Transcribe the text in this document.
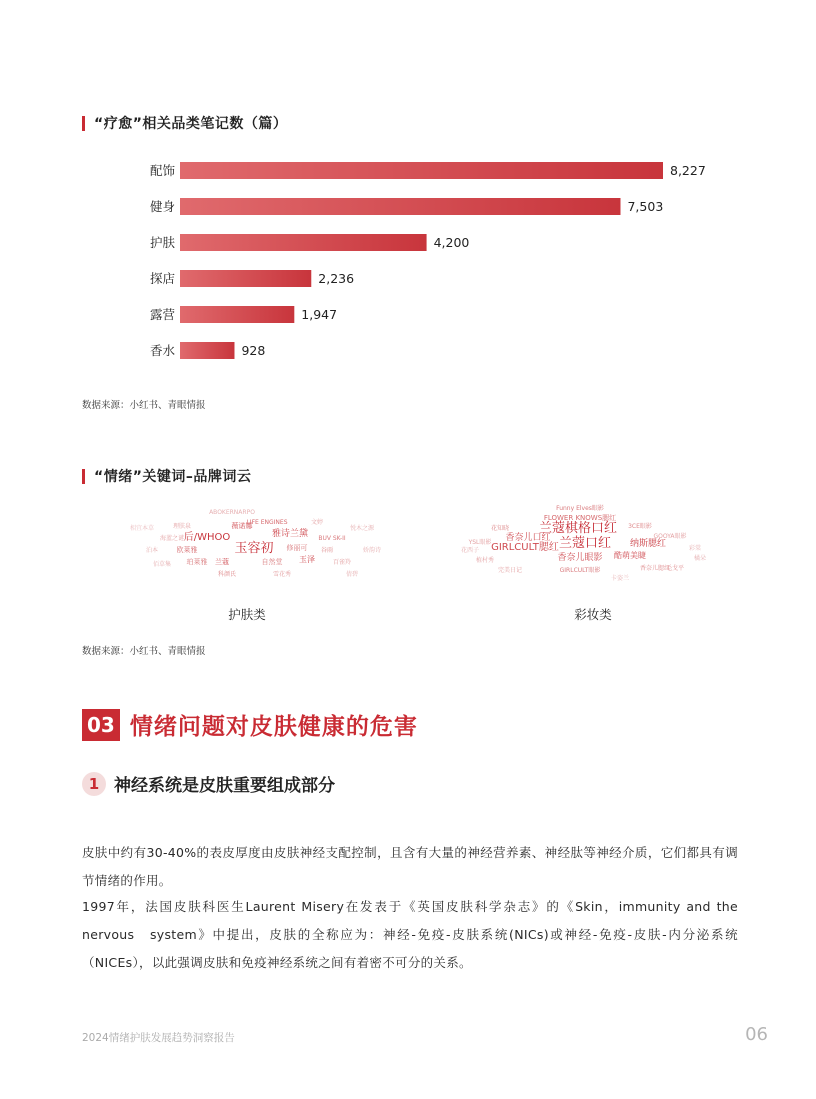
“疗愈”相关品类笔记数（篇）
配饰	8,227
健身	7,503
护肤	4,200
探店	2,236
露营	1,947
香水	928
数据来源：小红书、青眼情报
“情绪”关键词–品牌词云
玉容初
后/WHOO	雅诗兰黛
LIFE ENGINES
修丽可
玉泽
谷雨
BUV SK-II
欧莱雅
珀莱雅
薇诺娜
自然堂
兰蔻
科颜氏
百雀羚
海蓝之谜
泊本
悦木之源
ABOKERNARPO
理肤泉
文婷
娇韵诗
雪花秀
佰草集
倩碧
相宜本草
护肤类
兰蔻棋格口红
兰蔻口红
GIRLCULT腮红
香奈儿眼影
香奈儿口红
纳斯腮红
酷萌美睫
Funny Elves眼影
FLOWER KNOWS腮红
GIRLCULT眼影	毛戈平
花知晓
香奈儿腮红
3CE眼影
GOOYA眼影
植村秀
YSL眼影
彩棠
完美日记
橘朵
花西子
卡姿兰
彩妆类
数据来源：小红书、青眼情报
03 情绪问题对皮肤健康的危害
1 神经系统是皮肤重要组成部分

皮肤中约有30-40%的表皮厚度由皮肤神经支配控制，且含有大量的神经营养素、神经肽等神经介质，它们都具有调节情绪的作用。

1997年，法国皮肤科医生Laurent Misery在发表于《英国皮肤科学杂志》的《Skin，immunity and the nervous　system》中提出，皮肤的全称应为：神经-免疫-皮肤系统(NICs)或神经-免疫-皮肤-内分泌系统（NICEs），以此强调皮肤和免疫神经系统之间有着密不可分的关系。

2024情绪护肤发展趋势洞察报告	06
